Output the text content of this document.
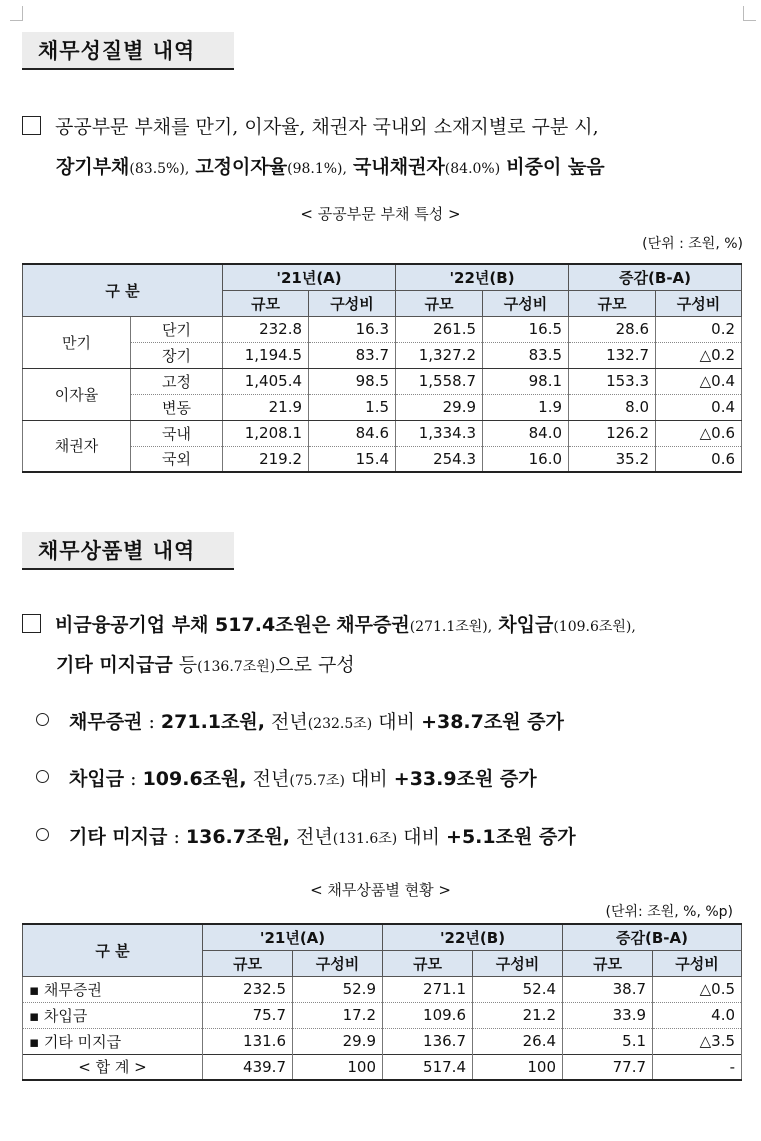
채무성질별 내역
공공부문 부채를 만기, 이자율, 채권자 국내외 소재지별로 구분 시,
장기부채(83.5%), 고정이자율(98.1%), 국내채권자(84.0%) 비중이 높음
< 공공부문 부채 특성 >
(단위 : 조원, %)
구 분		'21년(A)		'22년(B)		증감(B-A)	
		규모	구성비	규모	구성비	규모	구성비
만기	단기	232.8	16.3	261.5	16.5	28.6	0.2
	장기	1,194.5	83.7	1,327.2	83.5	132.7	△0.2
이자율	고정	1,405.4	98.5	1,558.7	98.1	153.3	△0.4
	변동	21.9	1.5	29.9	1.9	8.0	0.4
채권자	국내	1,208.1	84.6	1,334.3	84.0	126.2	△0.6
	국외	219.2	15.4	254.3	16.0	35.2	0.6
채무상품별 내역
비금융공기업 부채 517.4조원은 채무증권(271.1조원), 차입금(109.6조원),
기타 미지급금 등(136.7조원)으로 구성
채무증권 : 271.1조원, 전년(232.5조) 대비 +38.7조원 증가
차입금 : 109.6조원, 전년(75.7조) 대비 +33.9조원 증가
기타 미지급 : 136.7조원, 전년(131.6조) 대비 +5.1조원 증가
< 채무상품별 현황 >
(단위: 조원, %, %p)
구 분	'21년(A)		'22년(B)		증감(B-A)	
	규모	구성비	규모	구성비	규모	구성비
▪ 채무증권	232.5	52.9	271.1	52.4	38.7	△0.5
▪ 차입금	75.7	17.2	109.6	21.2	33.9	4.0
▪ 기타 미지급	131.6	29.9	136.7	26.4	5.1	△3.5
< 합 계 >	439.7	100	517.4	100	77.7	-
